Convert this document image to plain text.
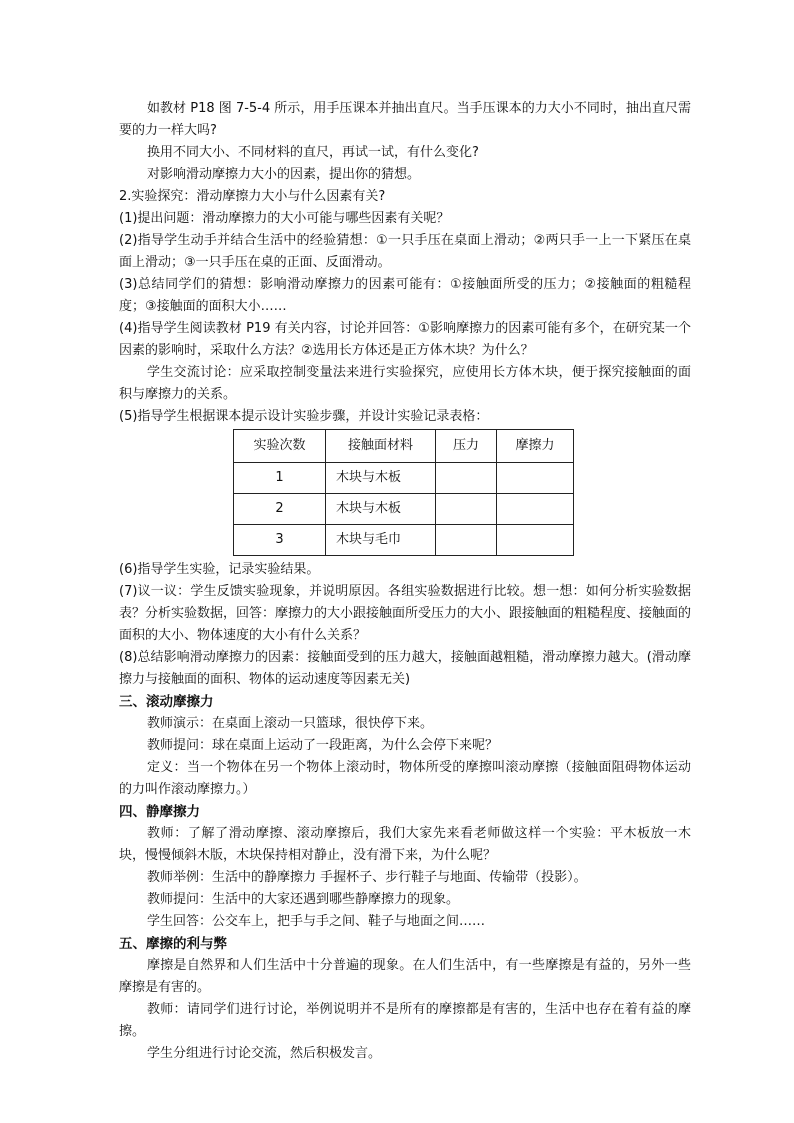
如教材 P18 图 7-5-4 所示，用手压课本并抽出直尺。当手压课本的力大小不同时，抽出直尺需要的力一样大吗?

换用不同大小、不同材料的直尺，再试一试，有什么变化?

对影响滑动摩擦力大小的因素，提出你的猜想。

2.实验探究：滑动摩擦力大小与什么因素有关?

(1)提出问题：滑动摩擦力的大小可能与哪些因素有关呢？

(2)指导学生动手并结合生活中的经验猜想：①一只手压在桌面上滑动；②两只手一上一下紧压在桌面上滑动；③一只手压在桌的正面、反面滑动。

(3)总结同学们的猜想：影响滑动摩擦力的因素可能有：①接触面所受的压力；②接触面的粗糙程度；③接触面的面积大小……

(4)指导学生阅读教材 P19 有关内容，讨论并回答：①影响摩擦力的因素可能有多个，在研究某一个因素的影响时，采取什么方法？②选用长方体还是正方体木块？为什么？

学生交流讨论：应采取控制变量法来进行实验探究，应使用长方体木块，便于探究接触面的面积与摩擦力的关系。

(5)指导学生根据课本提示设计实验步骤，并设计实验记录表格：

实验次数	接触面材料	压力	摩擦力
1	木块与木板		
2	木块与木板		
3	木块与毛巾		

(6)指导学生实验，记录实验结果。

(7)议一议：学生反馈实验现象，并说明原因。各组实验数据进行比较。想一想：如何分析实验数据表？分析实验数据，回答：摩擦力的大小跟接触面所受压力的大小、跟接触面的粗糙程度、接触面的面积的大小、物体速度的大小有什么关系？

(8)总结影响滑动摩擦力的因素：接触面受到的压力越大，接触面越粗糙，滑动摩擦力越大。(滑动摩擦力与接触面的面积、物体的运动速度等因素无关)

三、滚动摩擦力

教师演示：在桌面上滚动一只篮球，很快停下来。

教师提问：球在桌面上运动了一段距离，为什么会停下来呢？

定义：当一个物体在另一个物体上滚动时，物体所受的摩擦叫滚动摩擦（接触面阻碍物体运动的力叫作滚动摩擦力。）

四、静摩擦力

教师：了解了滑动摩擦、滚动摩擦后，我们大家先来看老师做这样一个实验：平木板放一木块，慢慢倾斜木版，木块保持相对静止，没有滑下来，为什么呢？

教师举例：生活中的静摩擦力 手握杯子、步行鞋子与地面、传输带（投影）。

教师提问：生活中的大家还遇到哪些静摩擦力的现象。

学生回答：公交车上，把手与手之间、鞋子与地面之间……

五、摩擦的利与弊

摩擦是自然界和人们生活中十分普遍的现象。在人们生活中，有一些摩擦是有益的，另外一些摩擦是有害的。

教师：请同学们进行讨论，举例说明并不是所有的摩擦都是有害的，生活中也存在着有益的摩擦。

学生分组进行讨论交流，然后积极发言。
